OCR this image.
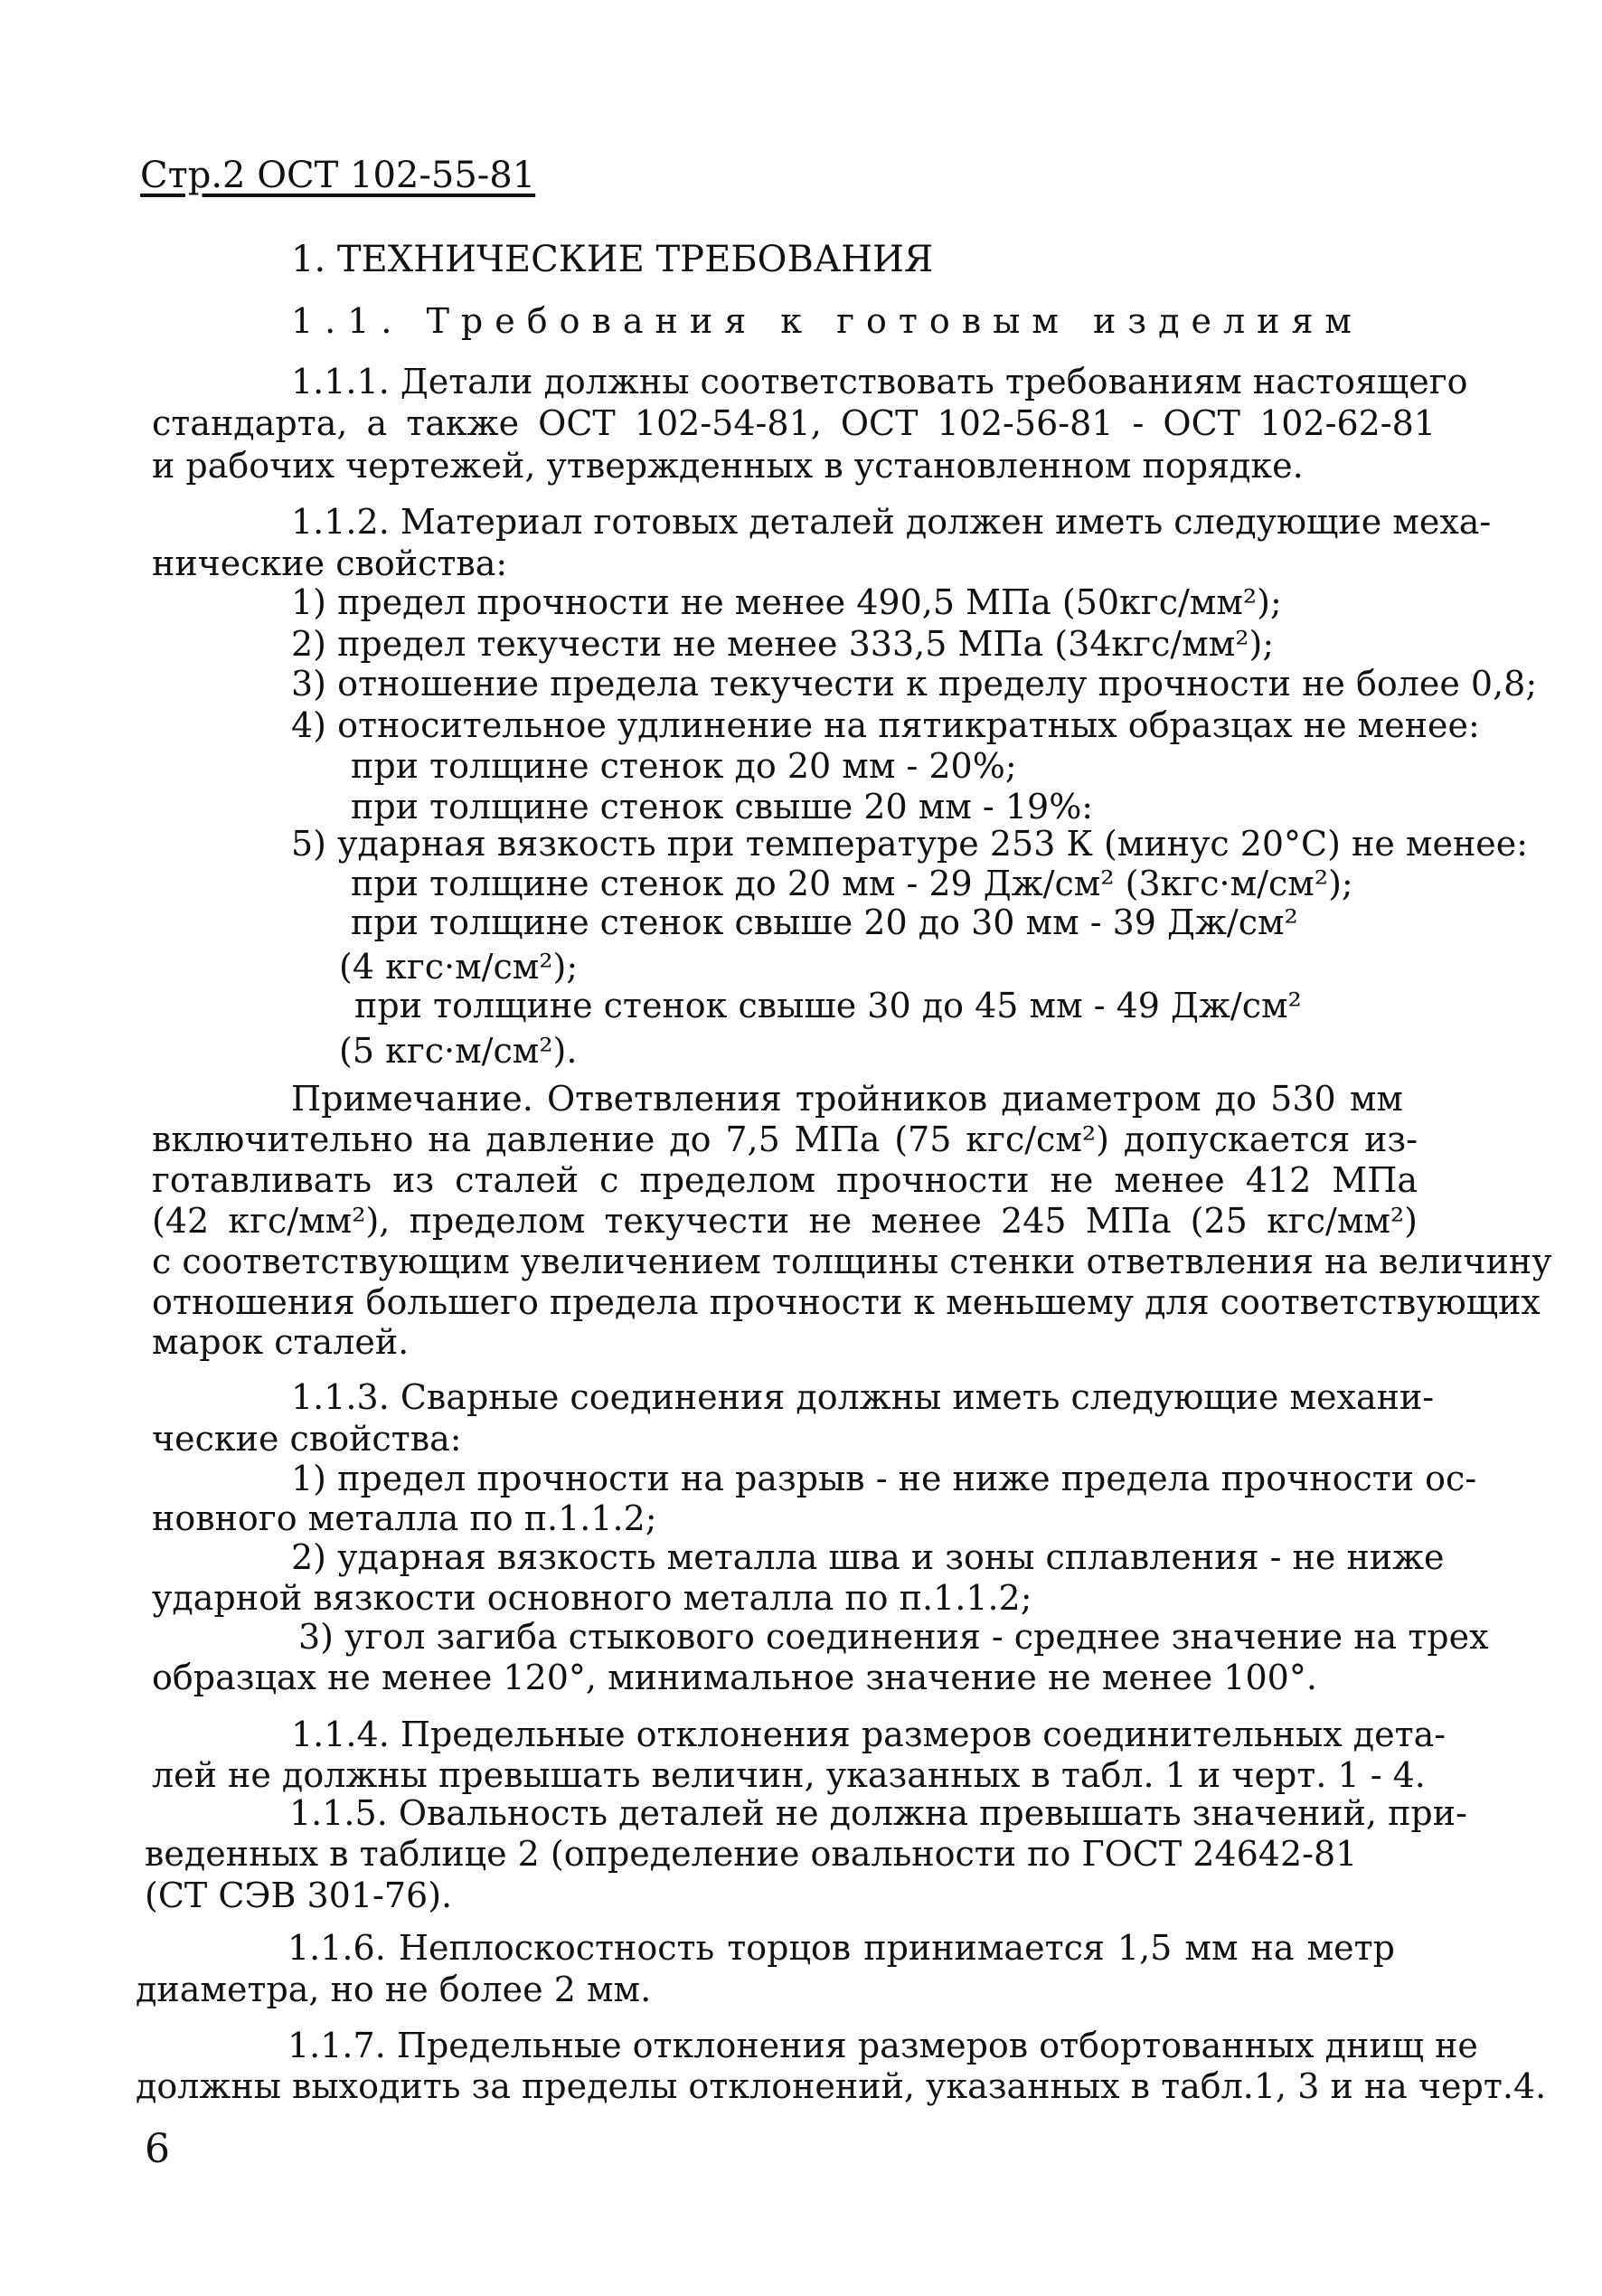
Стр.2 ОСТ 102-55-81
1. ТЕХНИЧЕСКИЕ ТРЕБОВАНИЯ
1.1. Требования к готовым изделиям
1.1.1. Детали должны соответствовать требованиям настоящего
стандарта, а также ОСТ 102-54-81, ОСТ 102-56-81 - ОСТ 102-62-81
и рабочих чертежей, утвержденных в установленном порядке.
1.1.2. Материал готовых деталей должен иметь следующие меха-
нические свойства:
1) предел прочности не менее 490,5 МПа (50кгс/мм²);
2) предел текучести не менее 333,5 МПа (34кгс/мм²);
3) отношение предела текучести к пределу прочности не более 0,8;
4) относительное удлинение на пятикратных образцах не менее:
при толщине стенок до 20 мм - 20%;
при толщине стенок свыше 20 мм - 19%:
5) ударная вязкость при температуре 253 К (минус 20°С) не менее:
при толщине стенок до 20 мм - 29 Дж/см² (3кгс·м/см²);
при толщине стенок свыше 20 до 30 мм - 39 Дж/см²
(4 кгс·м/см²);
при толщине стенок свыше 30 до 45 мм - 49 Дж/см²
(5 кгс·м/см²).
Примечание. Ответвления тройников диаметром до 530 мм
включительно на давление до 7,5 МПа (75 кгс/см²) допускается из-
готавливать из сталей с пределом прочности не менее 412 МПа
(42 кгс/мм²), пределом текучести не менее 245 МПа (25 кгс/мм²)
с соответствующим увеличением толщины стенки ответвления на величину
отношения большего предела прочности к меньшему для соответствующих
марок сталей.
1.1.3. Сварные соединения должны иметь следующие механи-
ческие свойства:
1) предел прочности на разрыв - не ниже предела прочности ос-
новного металла по п.1.1.2;
2) ударная вязкость металла шва и зоны сплавления - не ниже
ударной вязкости основного металла по п.1.1.2;
3) угол загиба стыкового соединения - среднее значение на трех
образцах не менее 120°, минимальное значение не менее 100°.
1.1.4. Предельные отклонения размеров соединительных дета-
лей не должны превышать величин, указанных в табл. 1 и черт. 1 - 4.
1.1.5. Овальность деталей не должна превышать значений, при-
веденных в таблице 2 (определение овальности по ГОСТ 24642-81
(СТ СЭВ 301-76).
1.1.6. Неплоскостность торцов принимается 1,5 мм на метр
диаметра, но не более 2 мм.
1.1.7. Предельные отклонения размеров отбортованных днищ не
должны выходить за пределы отклонений, указанных в табл.1, 3 и на черт.4.
6
